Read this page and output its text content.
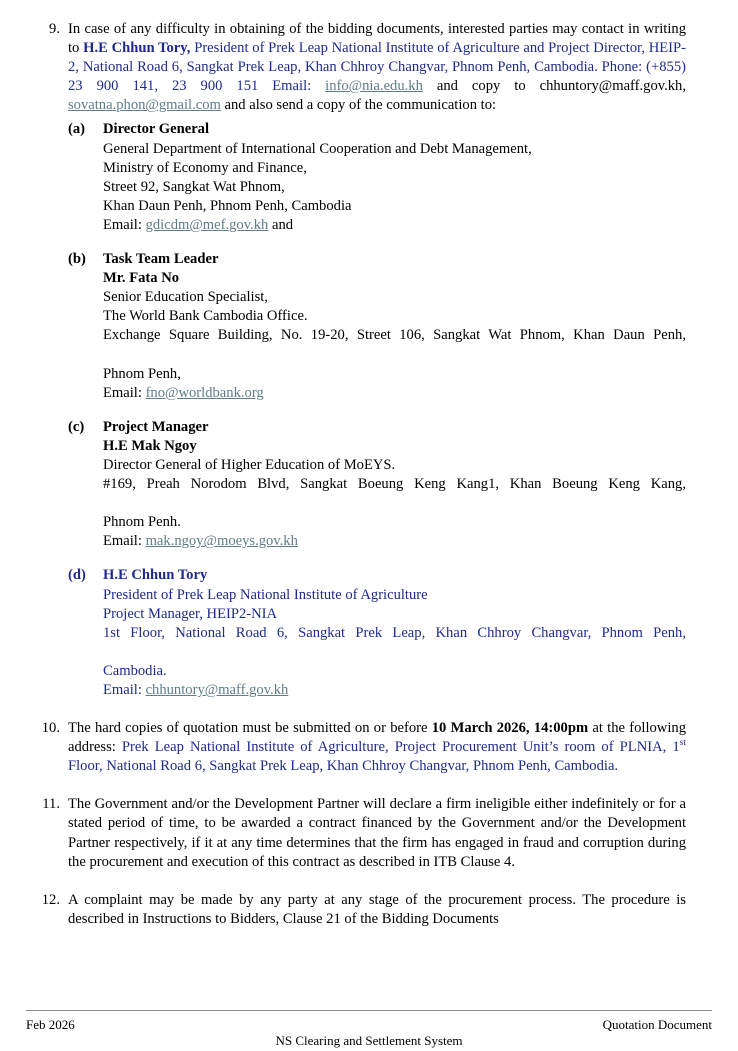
9. In case of any difficulty in obtaining of the bidding documents, interested parties may contact in writing to H.E Chhun Tory, President of Prek Leap National Institute of Agriculture and Project Director, HEIP-2, National Road 6, Sangkat Prek Leap, Khan Chhroy Changvar, Phnom Penh, Cambodia. Phone: (+855) 23 900 141, 23 900 151 Email: info@nia.edu.kh and copy to chhuntory@maff.gov.kh, sovatna.phon@gmail.com and also send a copy of the communication to:
(a) Director General
General Department of International Cooperation and Debt Management,
Ministry of Economy and Finance,
Street 92, Sangkat Wat Phnom,
Khan Daun Penh, Phnom Penh, Cambodia
Email: gdicdm@mef.gov.kh and
(b) Task Team Leader
Mr. Fata No
Senior Education Specialist,
The World Bank Cambodia Office.
Exchange Square Building, No. 19-20, Street 106, Sangkat Wat Phnom, Khan Daun Penh,
Phnom Penh,
Email: fno@worldbank.org
(c) Project Manager
H.E Mak Ngoy
Director General of Higher Education of MoEYS.
#169, Preah Norodom Blvd, Sangkat Boeung Keng Kang1, Khan Boeung Keng Kang,
Phnom Penh.
Email: mak.ngoy@moeys.gov.kh
(d) H.E Chhun Tory
President of Prek Leap National Institute of Agriculture
Project Manager, HEIP2-NIA
1st Floor, National Road 6, Sangkat Prek Leap, Khan Chhroy Changvar, Phnom Penh,
Cambodia.
Email: chhuntory@maff.gov.kh
10. The hard copies of quotation must be submitted on or before 10 March 2026, 14:00pm at the following address: Prek Leap National Institute of Agriculture, Project Procurement Unit’s room of PLNIA, 1st Floor, National Road 6, Sangkat Prek Leap, Khan Chhroy Changvar, Phnom Penh, Cambodia.
11. The Government and/or the Development Partner will declare a firm ineligible either indefinitely or for a stated period of time, to be awarded a contract financed by the Government and/or the Development Partner respectively, if it at any time determines that the firm has engaged in fraud and corruption during the procurement and execution of this contract as described in ITB Clause 4.
12. A complaint may be made by any party at any stage of the procurement process. The procedure is described in Instructions to Bidders, Clause 21 of the Bidding Documents
Feb 2026	Quotation Document
NS Clearing and Settlement System
